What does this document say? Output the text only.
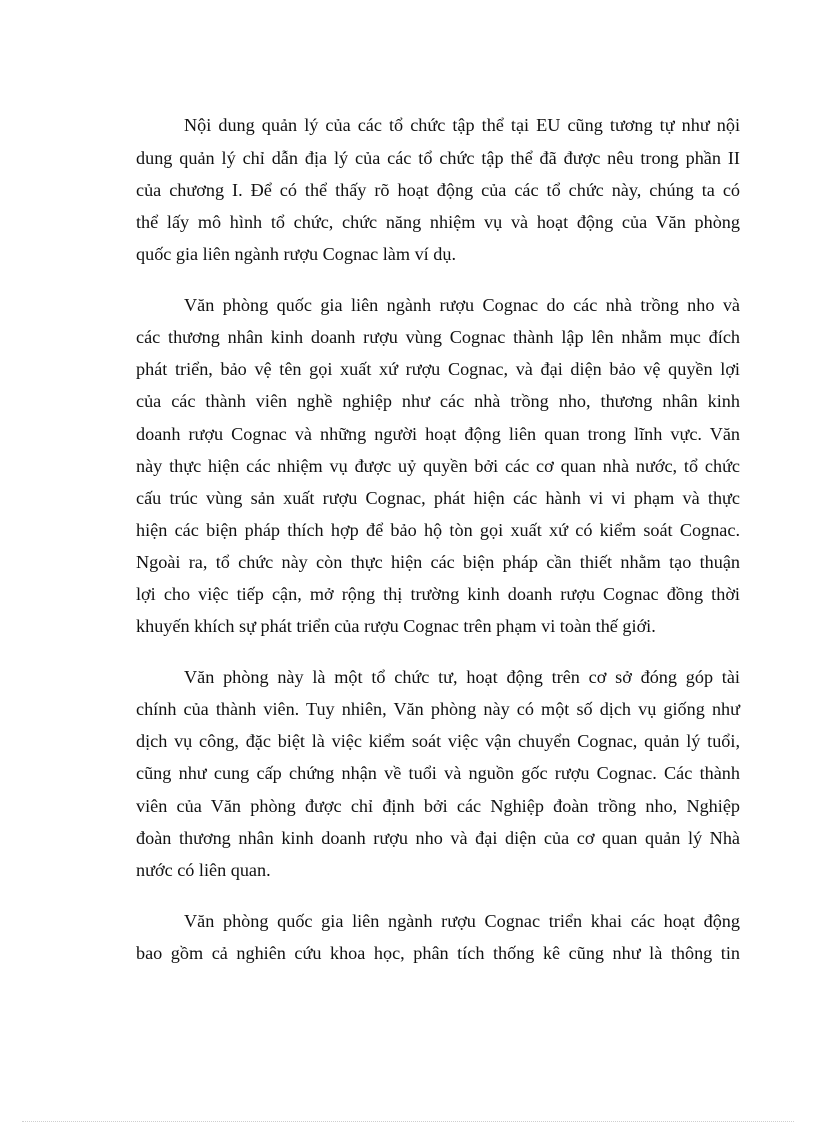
Nội dung quản lý của các tổ chức tập thể tại EU cũng tương tự như nội
dung quản lý chỉ dẫn địa lý của các tổ chức tập thể đã được nêu trong phần II
của chương I. Để có thể thấy rõ hoạt động của các tổ chức này, chúng ta có
thể lấy mô hình tổ chức, chức năng nhiệm vụ và hoạt động của Văn phòng
quốc gia liên ngành rượu Cognac làm ví dụ.
Văn phòng quốc gia liên ngành rượu Cognac do các nhà trồng nho và
các thương nhân kinh doanh rượu vùng Cognac thành lập lên nhằm mục đích
phát triển, bảo vệ tên gọi xuất xứ rượu Cognac, và đại diện bảo vệ quyền lợi
của các thành viên nghề nghiệp như các nhà trồng nho, thương nhân kinh
doanh rượu Cognac và những người hoạt động liên quan trong lĩnh vực. Văn
này thực hiện các nhiệm vụ được uỷ quyền bởi các cơ quan nhà nước, tổ chức
cấu trúc vùng sản xuất rượu Cognac, phát hiện các hành vi vi phạm và thực
hiện các biện pháp thích hợp để bảo hộ tòn gọi xuất xứ có kiểm soát Cognac.
Ngoài ra, tổ chức này còn thực hiện các biện pháp cần thiết nhằm tạo thuận
lợi cho việc tiếp cận, mở rộng thị trường kinh doanh rượu Cognac đồng thời
khuyến khích sự phát triển của rượu Cognac trên phạm vi toàn thế giới.
Văn phòng này là một tổ chức tư, hoạt động trên cơ sở đóng góp tài
chính của thành viên. Tuy nhiên, Văn phòng này có một số dịch vụ giống như
dịch vụ công, đặc biệt là việc kiểm soát việc vận chuyển Cognac, quản lý tuổi,
cũng như cung cấp chứng nhận về tuổi và nguồn gốc rượu Cognac. Các thành
viên của Văn phòng được chỉ định bởi các Nghiệp đoàn trồng nho, Nghiệp
đoàn thương nhân kinh doanh rượu nho và đại diện của cơ quan quản lý Nhà
nước có liên quan.
Văn phòng quốc gia liên ngành rượu Cognac triển khai các hoạt động
bao gồm cả nghiên cứu khoa học, phân tích thống kê cũng như là thông tin
